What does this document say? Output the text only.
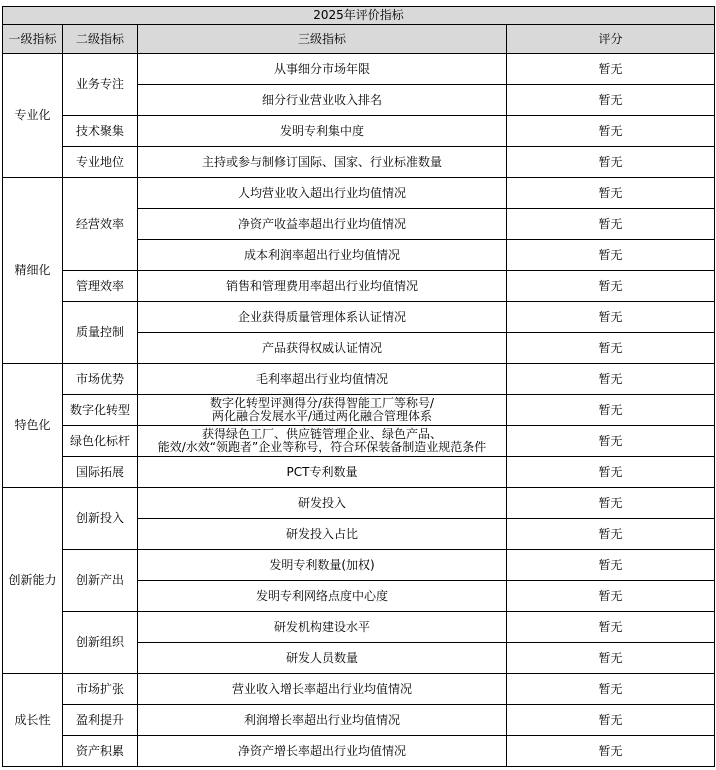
2025年评价指标			
一级指标	二级指标	三级指标	评分
专业化	业务专注	从事细分市场年限	暂无
		细分行业营业收入排名	暂无
	技术聚集	发明专利集中度	暂无
	专业地位	主持或参与制修订国际、国家、行业标准数量	暂无
精细化	经营效率	人均营业收入超出行业均值情况	暂无
		净资产收益率超出行业均值情况	暂无
		成本利润率超出行业均值情况	暂无
	管理效率	销售和管理费用率超出行业均值情况	暂无
	质量控制	企业获得质量管理体系认证情况	暂无
		产品获得权威认证情况	暂无
特色化	市场优势	毛利率超出行业均值情况	暂无
	数字化转型	数字化转型评测得分/获得智能工厂等称号/
两化融合发展水平/通过两化融合管理体系	暂无
	绿色化标杆	获得绿色工厂、供应链管理企业、绿色产品、
能效/水效“领跑者”企业等称号，符合环保装备制造业规范条件	暂无
	国际拓展	PCT专利数量	暂无
创新能力	创新投入	研发投入	暂无
		研发投入占比	暂无
	创新产出	发明专利数量(加权)	暂无
		发明专利网络点度中心度	暂无
	创新组织	研发机构建设水平	暂无
		研发人员数量	暂无
成长性	市场扩张	营业收入增长率超出行业均值情况	暂无
	盈利提升	利润增长率超出行业均值情况	暂无
	资产积累	净资产增长率超出行业均值情况	暂无
